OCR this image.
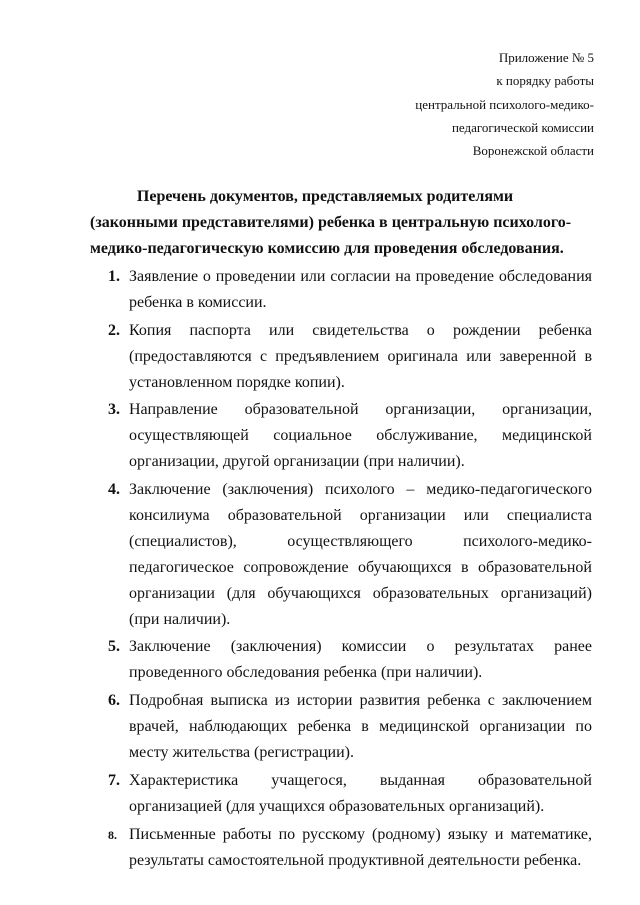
Приложение № 5
к порядку работы
центральной психолого-медико-
педагогической комиссии
Воронежской области
Перечень документов, представляемых родителями
(законными представителями) ребенка в центральную психолого-
медико-педагогическую комиссию для проведения обследования.
1. Заявление о проведении или согласии на проведение обследования ребенка в комиссии.
2. Копия паспорта или свидетельства о рождении ребенка (предоставляются с предъявлением оригинала или заверенной в установленном порядке копии).
3. Направление образовательной организации, организации, осуществляющей социальное обслуживание, медицинской организации, другой организации (при наличии).
4. Заключение (заключения) психолого – медико-педагогического консилиума образовательной организации или специалиста (специалистов), осуществляющего психолого-медико-педагогическое сопровождение обучающихся в образовательной организации (для обучающихся образовательных организаций) (при наличии).
5. Заключение (заключения) комиссии о результатах ранее проведенного обследования ребенка (при наличии).
6. Подробная выписка из истории развития ребенка с заключением врачей, наблюдающих ребенка в медицинской организации по месту жительства (регистрации).
7. Характеристика учащегося, выданная образовательной организацией (для учащихся образовательных организаций).
8. Письменные работы по русскому (родному) языку и математике, результаты самостоятельной продуктивной деятельности ребенка.
